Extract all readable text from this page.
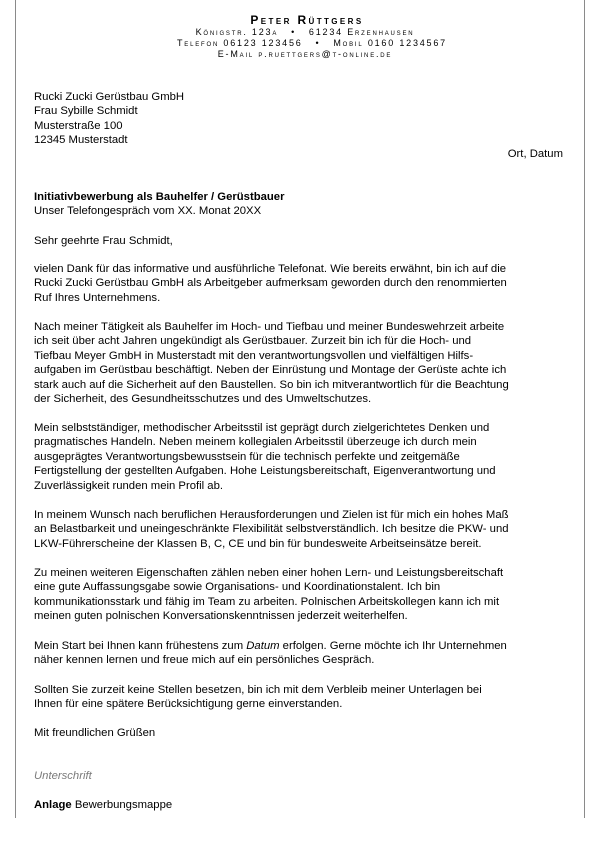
Peter Rüttgers
Königstr. 123a • 61234 Erzenhausen
Telefon 06123 123456 • Mobil 0160 1234567
E-Mail p.ruettgers@t-online.de
Rucki Zucki Gerüstbau GmbH
Frau Sybille Schmidt
Musterstraße 100
12345 Musterstadt
Ort, Datum
Initiativbewerbung als Bauhelfer / Gerüstbauer
Unser Telefongespräch vom XX. Monat 20XX
Sehr geehrte Frau Schmidt,
vielen Dank für das informative und ausführliche Telefonat. Wie bereits erwähnt, bin ich auf die
Rucki Zucki Gerüstbau GmbH als Arbeitgeber aufmerksam geworden durch den renommierten
Ruf Ihres Unternehmens.
Nach meiner Tätigkeit als Bauhelfer im Hoch- und Tiefbau und meiner Bundeswehrzeit arbeite
ich seit über acht Jahren ungekündigt als Gerüstbauer. Zurzeit bin ich für die Hoch- und
Tiefbau Meyer GmbH in Musterstadt mit den verantwortungsvollen und vielfältigen Hilfs-
aufgaben im Gerüstbau beschäftigt. Neben der Einrüstung und Montage der Gerüste achte ich
stark auch auf die Sicherheit auf den Baustellen. So bin ich mitverantwortlich für die Beachtung
der Sicherheit, des Gesundheitsschutzes und des Umweltschutzes.
Mein selbstständiger, methodischer Arbeitsstil ist geprägt durch zielgerichtetes Denken und
pragmatisches Handeln. Neben meinem kollegialen Arbeitsstil überzeuge ich durch mein
ausgeprägtes Verantwortungsbewusstsein für die technisch perfekte und zeitgemäße
Fertigstellung der gestellten Aufgaben. Hohe Leistungsbereitschaft, Eigenverantwortung und
Zuverlässigkeit runden mein Profil ab.
In meinem Wunsch nach beruflichen Herausforderungen und Zielen ist für mich ein hohes Maß
an Belastbarkeit und uneingeschränkte Flexibilität selbstverständlich. Ich besitze die PKW- und
LKW-Führerscheine der Klassen B, C, CE und bin für bundesweite Arbeitseinsätze bereit.
Zu meinen weiteren Eigenschaften zählen neben einer hohen Lern- und Leistungsbereitschaft
eine gute Auffassungsgabe sowie Organisations- und Koordinationstalent. Ich bin
kommunikationsstark und fähig im Team zu arbeiten. Polnischen Arbeitskollegen kann ich mit
meinen guten polnischen Konversationskenntnissen jederzeit weiterhelfen.
Mein Start bei Ihnen kann frühestens zum Datum erfolgen. Gerne möchte ich Ihr Unternehmen
näher kennen lernen und freue mich auf ein persönliches Gespräch.
Sollten Sie zurzeit keine Stellen besetzen, bin ich mit dem Verbleib meiner Unterlagen bei
Ihnen für eine spätere Berücksichtigung gerne einverstanden.
Mit freundlichen Grüßen
Unterschrift
Anlage Bewerbungsmappe
